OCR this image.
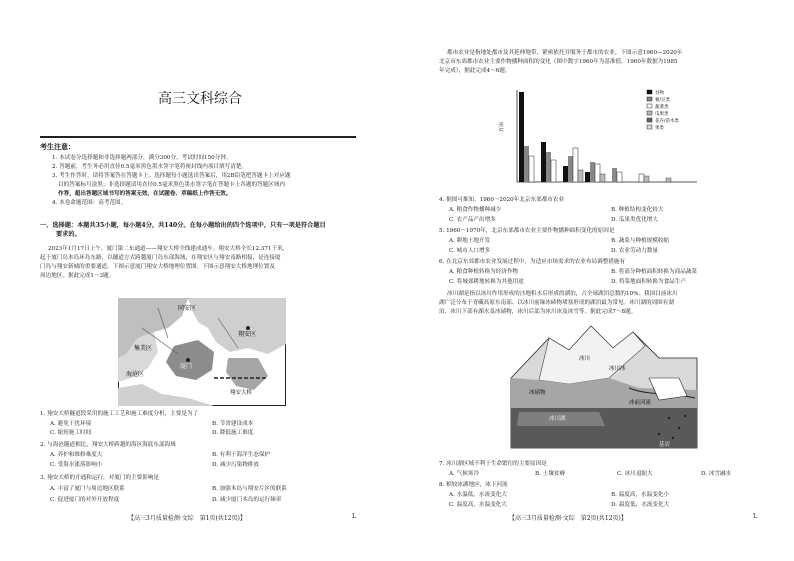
高三文科综合
考生注意：
1. 本试卷分选择题和非选择题两部分，满分300分，考试时间150分钟。
2. 答题前，考生务必用直径0.5毫米黑色墨水签字笔将密封线内项目填写清楚。
3. 考生作答时，请将答案答在答题卡上。选择题每小题选出答案后，用2B铅笔把答题卡上对应题
目的答案标号涂黑；非选择题请用直径0.5毫米黑色墨水签字笔在答题卡上各题的答题区域内
作答，超出答题区域书写的答案无效，在试题卷、草稿纸上作答无效。
4. 本卷命题范围：高考范围。
一、选择题：本题共35小题，每小题4分，共140分。在每小题给出的四个选项中，只有一项是符合题目
要求的。
2023年1月17日上午，厦门第二东通道——翔安大桥全线建成通车。翔安大桥全长12.371千米，
起于厦门岛本岛环岛东路，以隧道方式跨越厦门岛东部海域，在翔安区与翔安南路相接，是连接厦
门岛与翔安新城的重要通道。下图示意厦门翔安大桥地理位置图。下图示意翔安大桥地理位置及
周边地区。据此完成1～3题。
同安区
集美区
翔安区
海沧区
厦门
翔安大桥
1. 翔安大桥隧道段采用的施工工艺和施工难度分析，主要是为了
A. 避免干扰环境	B. 节省建设成本
C. 缩短施工时间	D. 降低施工难度
2. 与海沧隧道相比，翔安大桥跨越的海区海底东部海域
A. 养护和维修难度大	B. 有利于海洋生态保护
C. 受海水涨落影响小	D. 减少污染物排放
3. 翔安大桥的开通和运行，对厦门的主要影响是
A. 丰富了厦门与周边地区联系	B. 加强本岛与翔安片区的联系
C. 促进厦门的对外开放程度	D. 减少厦门本岛的运行频率
【高三3月质量检测·文综　第1页(共12页)】	L
都市农业是指地处都市及其延伸地带，紧密依托并服务于都市的农业。下图示意1960—2020年
北京市东郊都市农业主要作物播种面积的变化（图中数字1960年为基准值，1960年数据为1985
年完成），据此完成4～6题。
万亩
谷物
薯/豆类
蔬菜类
瓜果类
花卉/苗木类
果类
4. 据图可推知，1960～2020年北京东郊都市农业
A. 粮食作物播种减少	B. 种植结构变化较大
C. 农产品产出增多	D. 瓜果类优化增大
5. 1960～1970年，北京东郊都市农业主要作物播种面积变化的原因是
A. 耕地土地开发	B. 蔬菜与种植规模收缩
C. 城市人口增多	D. 农业劳动力数量
6. 在北京东郊都市农业发展过程中，为适应市场需求的农业布局调整措施有
A. 粮食种植转换为经济作物	B. 将部分种植面积转换为商品蔬菜
C. 将城郊耕地转换为其他用途	D. 将菜地面积转换为食品生产
冰川湖是指以冰川作用形成的洼地积水后形成的湖泊，占全球湖泊总数的10%。我国目前冰川
湖广泛分布于青藏高原东南部、以冰川前缘冰碛物堵塞形成的湖泊最为常见。冰川湖的周围有湖
泊、冰川下部有湖水及冰碛物，冰川后部为冰川冰及冰雪等。据此完成7～8题。
冰川湖
冰川
冰碛物
冰川冰
冰前河流
基岩
7. 冰川湖区域不利于生命繁衍的主要原因是
A. 气候寒冷	B. 土壤贫瘠	C. 冰川退缩大	D. 冰雪融水
8. 相较冰湖地区，冰下河流
A. 水温低，水流变化大	B. 温度高，水温变化小
C. 温度高，水温变化大	D. 温度低，水流变化大
【高三3月质量检测·文综　第2页(共12页)】	L
